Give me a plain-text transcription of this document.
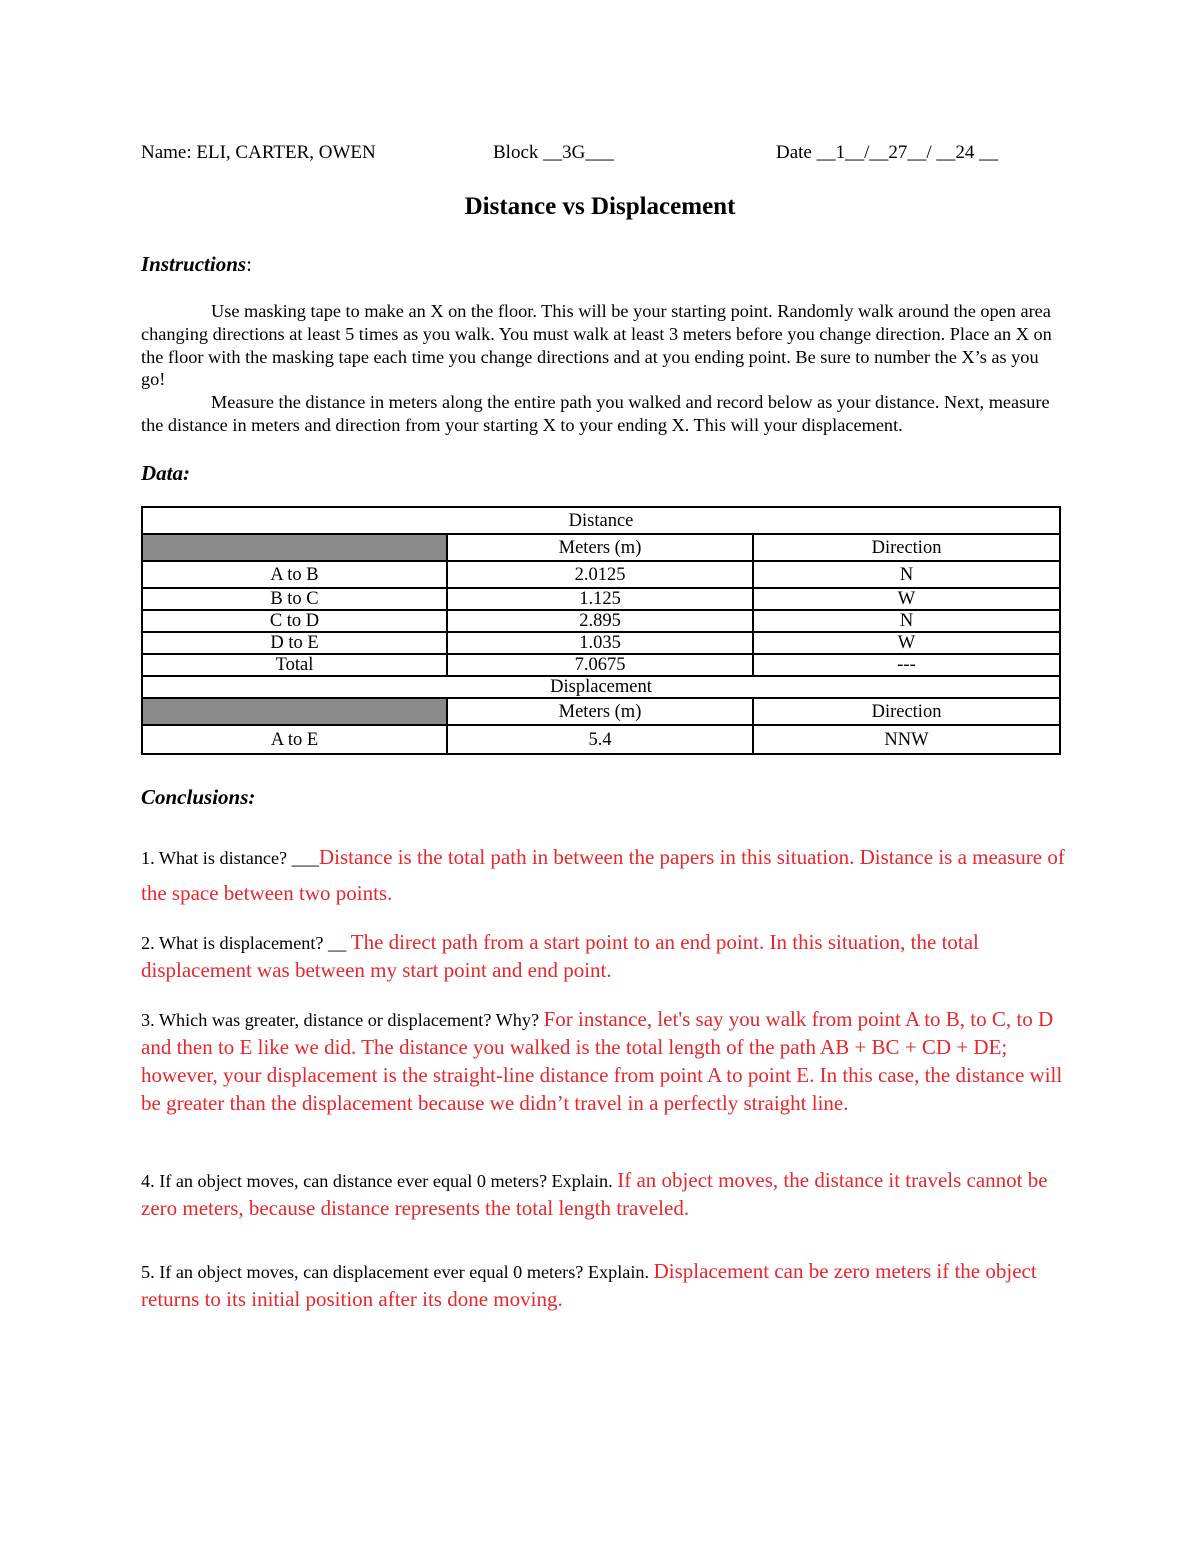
Name: ELI, CARTER, OWEN	Block __3G___	Date __1__/__27__/ __24 __
Distance vs Displacement
Instructions:

Use masking tape to make an X on the floor. This will be your starting point. Randomly walk around the open area changing directions at least 5 times as you walk. You must walk at least 3 meters before you change direction. Place an X on the floor with the masking tape each time you change directions and at you ending point. Be sure to number the X’s as you go!

Measure the distance in meters along the entire path you walked and record below as your distance. Next, measure the distance in meters and direction from your starting X to your ending X. This will your displacement.

Data:
Distance		
	Meters (m)	Direction
A to B	2.0125	N
B to C	1.125	W
C to D	2.895	N
D to E	1.035	W
Total	7.0675	---
Displacement		
	Meters (m)	Direction
A to E	5.4	NNW
Conclusions:
1. What is distance? ___Distance is the total path in between the papers in this situation. Distance is a measure of the space between two points.
2. What is displacement? __ The direct path from a start point to an end point. In this situation, the total displacement was between my start point and end point.
3. Which was greater, distance or displacement? Why? For instance, let's say you walk from point A to B, to C, to D and then to E like we did. The distance you walked is the total length of the path AB + BC + CD + DE; however, your displacement is the straight-line distance from point A to point E. In this case, the distance will be greater than the displacement because we didn’t travel in a perfectly straight line.
4. If an object moves, can distance ever equal 0 meters? Explain. If an object moves, the distance it travels cannot be zero meters, because distance represents the total length traveled.
5. If an object moves, can displacement ever equal 0 meters? Explain. Displacement can be zero meters if the object returns to its initial position after its done moving.
